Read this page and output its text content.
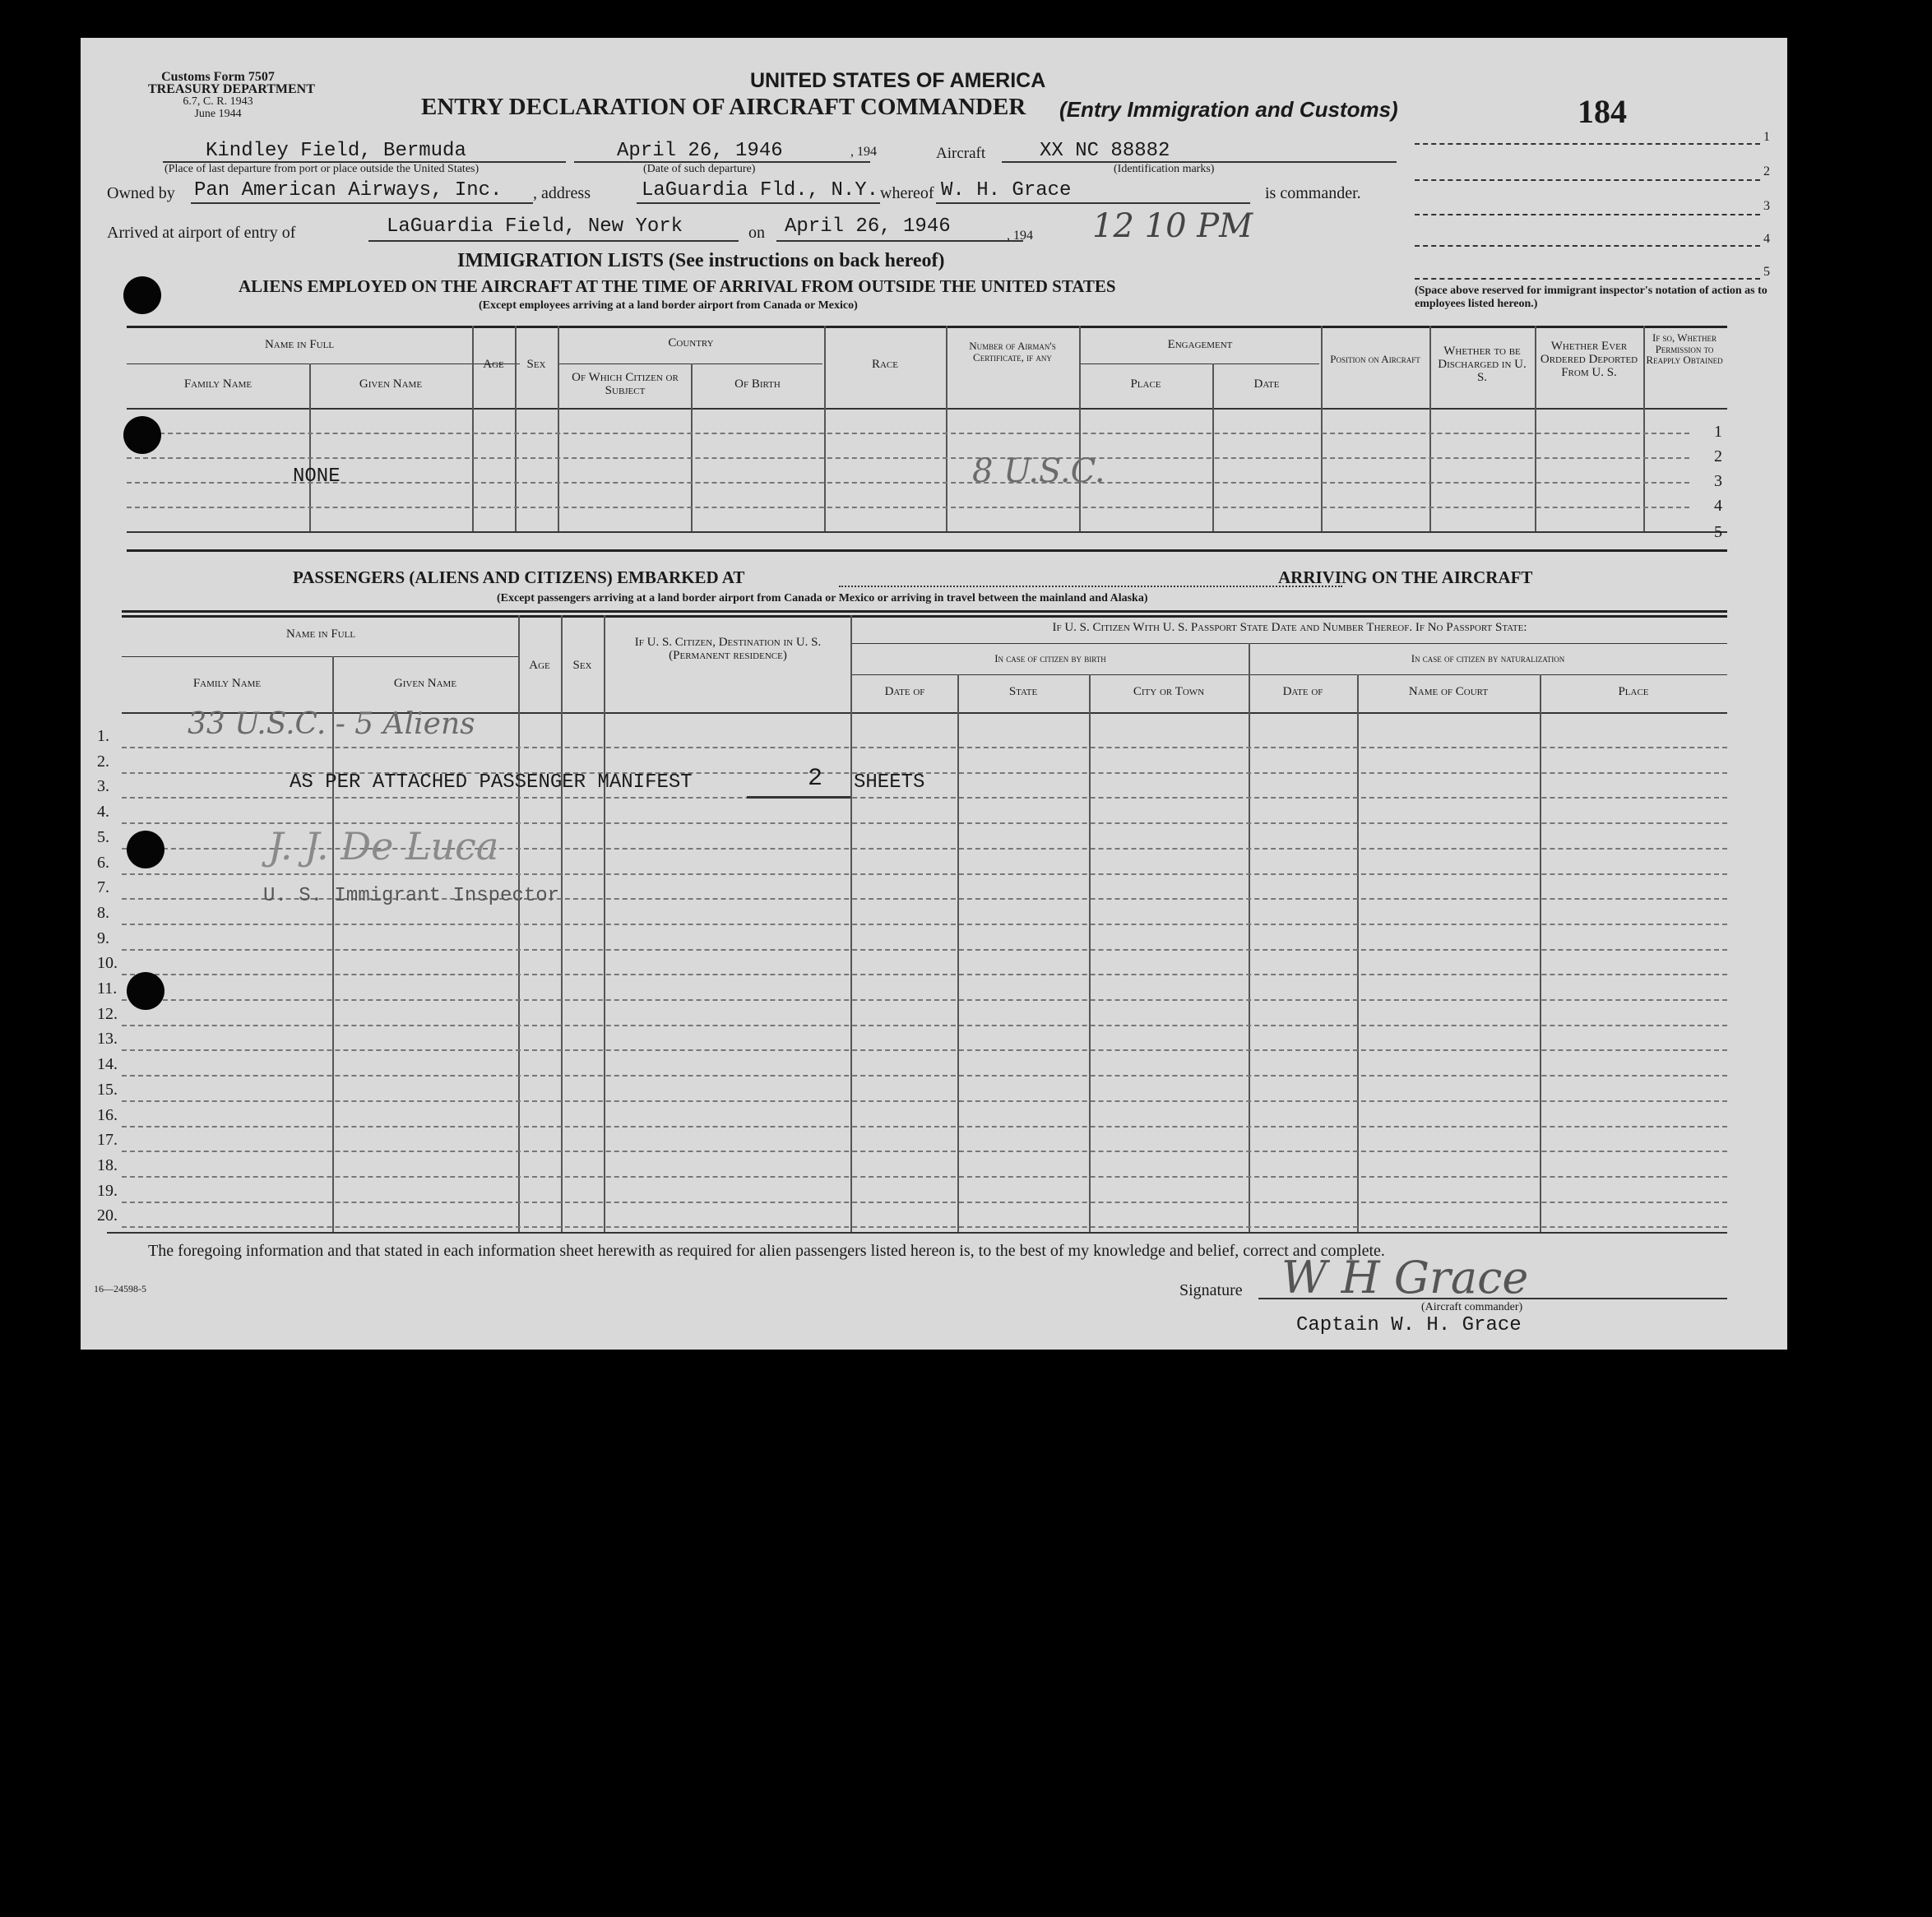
Customs Form 7507
TREASURY DEPARTMENT
6.7, C. R. 1943
June 1944
UNITED STATES OF AMERICA
ENTRY DECLARATION OF AIRCRAFT COMMANDER (Entry Immigration and Customs)	184
1
2
3
4
5
(Space above reserved for immigrant inspector's notation of action as to employees listed hereon.)
Kindley Field, Bermuda
(Place of last departure from port or place outside the United States)
April 26, 1946
(Date of such departure)
, 194	Aircraft	XX NC 88882
(Identification marks)
Owned by Pan American Airways, Inc. , address	LaGuardia Fld., N.Y. whereof W. H. Grace	is commander.
Arrived at airport of entry of	LaGuardia Field, New York	on April 26, 1946	, 194 12 10 PM
IMMIGRATION LISTS (See instructions on back hereof)
ALIENS EMPLOYED ON THE AIRCRAFT AT THE TIME OF ARRIVAL FROM OUTSIDE THE UNITED STATES
(Except employees arriving at a land border airport from Canada or Mexico)
Name in Full
Family Name	Given Name
Age	Sex
Country
Of Which Citizen or Subject	Of Birth
Race
Number of Airman's Certificate, if any
Engagement
Place	Date
Position on Aircraft
Whether to be Discharged in U. S.
Whether Ever Ordered Deported From U. S.
If so, Whether Permission to Reapply Obtained
NONE	8 U.S.C.
1
2
3
4
5
PASSENGERS (ALIENS AND CITIZENS) EMBARKED AT	ARRIVING ON THE AIRCRAFT
(Except passengers arriving at a land border airport from Canada or Mexico or arriving in travel between the mainland and Alaska)
Name in Full
Family Name	Given Name
Age	Sex
If U. S. Citizen, Destination in U. S. (Permanent residence)
If U. S. Citizen With U. S. Passport State Date and Number Thereof. If No Passport State:
In case of citizen by birth	In case of citizen by naturalization
Date of	State	City or Town	Date of	Name of Court	Place
1.
2.
3.
4.
5.
6.
7.
8.
9.
10.
11.
12.
13.
14.
15.
16.
17.
18.
19.
20.
33 U.S.C. - 5 Aliens
AS PER ATTACHED PASSENGER MANIFEST	2 SHEETS
J. J. De Luca
U. S. Immigrant Inspector
The foregoing information and that stated in each information sheet herewith as required for alien passengers listed hereon is, to the best of my knowledge and belief, correct and complete.
16—24598-5	Signature W H Grace
(Aircraft commander)
Captain W. H. Grace
